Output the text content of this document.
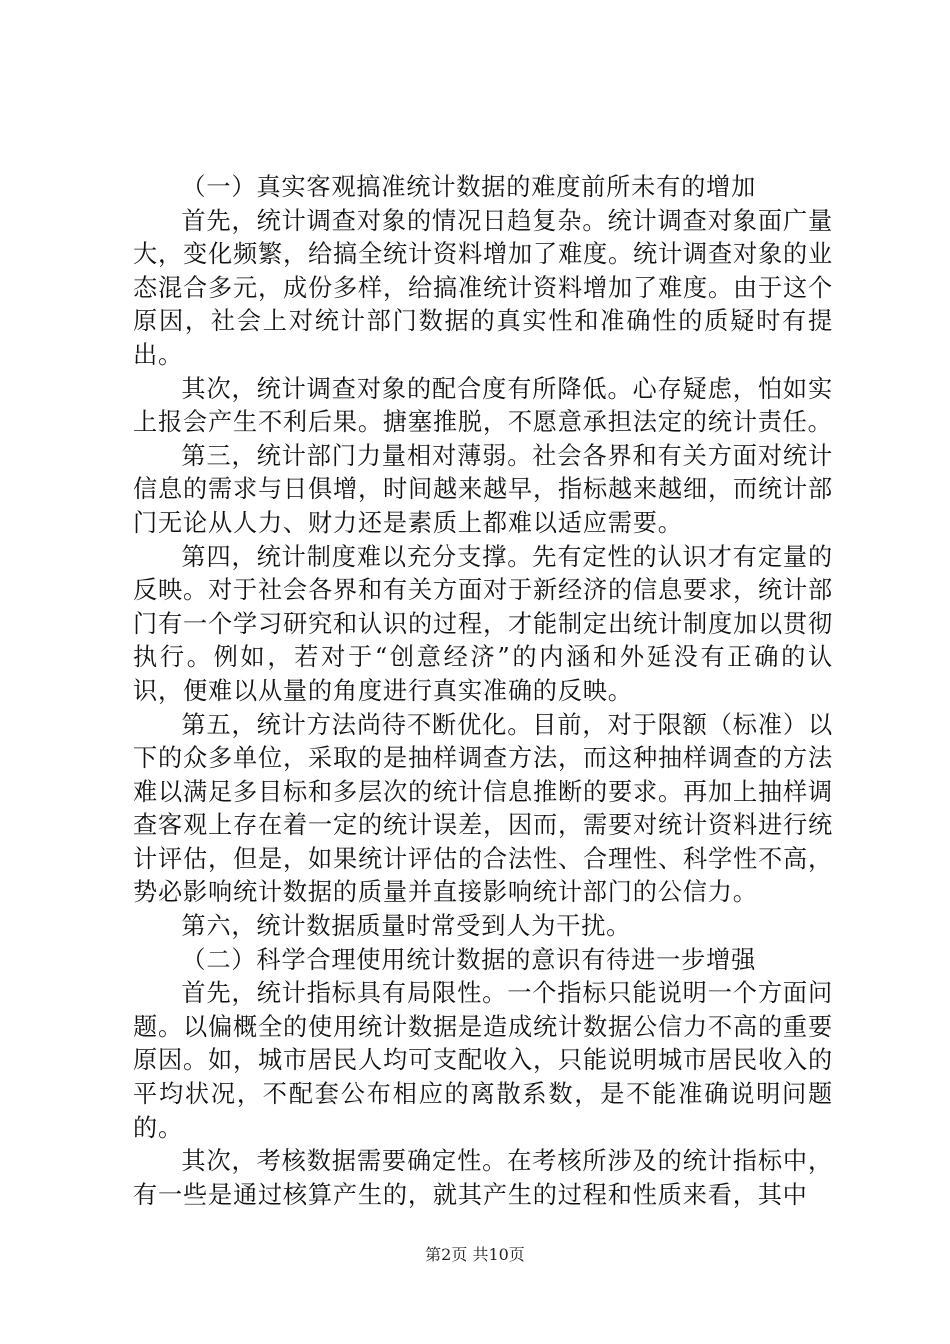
（一）真实客观搞准统计数据的难度前所未有的增加

首先，统计调查对象的情况日趋复杂。统计调查对象面广量大，变化频繁，给搞全统计资料增加了难度。统计调查对象的业态混合多元，成份多样，给搞准统计资料增加了难度。由于这个原因，社会上对统计部门数据的真实性和准确性的质疑时有提出。

其次，统计调查对象的配合度有所降低。心存疑虑，怕如实上报会产生不利后果。搪塞推脱，不愿意承担法定的统计责任。

第三，统计部门力量相对薄弱。社会各界和有关方面对统计信息的需求与日俱增，时间越来越早，指标越来越细，而统计部门无论从人力、财力还是素质上都难以适应需要。

第四，统计制度难以充分支撑。先有定性的认识才有定量的反映。对于社会各界和有关方面对于新经济的信息要求，统计部门有一个学习研究和认识的过程，才能制定出统计制度加以贯彻执行。例如，若对于“创意经济”的内涵和外延没有正确的认识，便难以从量的角度进行真实准确的反映。

第五，统计方法尚待不断优化。目前，对于限额（标准）以下的众多单位，采取的是抽样调查方法，而这种抽样调查的方法难以满足多目标和多层次的统计信息推断的要求。再加上抽样调查客观上存在着一定的统计误差，因而，需要对统计资料进行统计评估，但是，如果统计评估的合法性、合理性、科学性不高，势必影响统计数据的质量并直接影响统计部门的公信力。

第六，统计数据质量时常受到人为干扰。

（二）科学合理使用统计数据的意识有待进一步增强

首先，统计指标具有局限性。一个指标只能说明一个方面问题。以偏概全的使用统计数据是造成统计数据公信力不高的重要原因。如，城市居民人均可支配收入，只能说明城市居民收入的平均状况，不配套公布相应的离散系数，是不能准确说明问题的。

其次，考核数据需要确定性。在考核所涉及的统计指标中，有一些是通过核算产生的，就其产生的过程和性质来看，其中

第2页 共10页
